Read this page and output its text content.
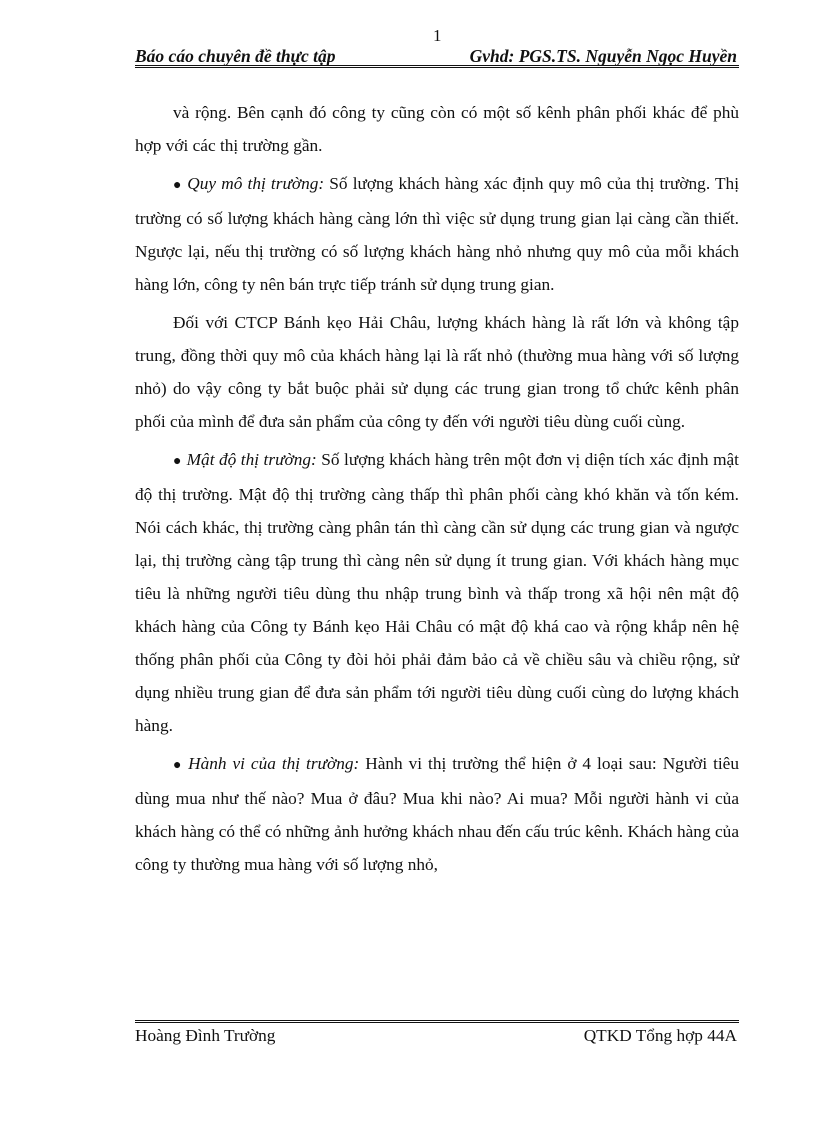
1
Báo cáo chuyên đề thực tập	Gvhd: PGS.TS. Nguyễn Ngọc Huyền

và rộng. Bên cạnh đó công ty cũng còn có một số kênh phân phối khác để phù hợp với các thị trường gần.

● Quy mô thị trường: Số lượng khách hàng xác định quy mô của thị trường. Thị trường có số lượng khách hàng càng lớn thì việc sử dụng trung gian lại càng cần thiết. Ngược lại, nếu thị trường có số lượng khách hàng nhỏ nhưng quy mô của mỗi khách hàng lớn, công ty nên bán trực tiếp tránh sử dụng trung gian.

Đối với CTCP Bánh kẹo Hải Châu, lượng khách hàng là rất lớn và không tập trung, đồng thời quy mô của khách hàng lại là rất nhỏ (thường mua hàng với số lượng nhỏ) do vậy công ty bắt buộc phải sử dụng các trung gian trong tổ chức kênh phân phối của mình để đưa sản phẩm của công ty đến với người tiêu dùng cuối cùng.

● Mật độ thị trường: Số lượng khách hàng trên một đơn vị diện tích xác định mật độ thị trường. Mật độ thị trường càng thấp thì phân phối càng khó khăn và tốn kém. Nói cách khác, thị trường càng phân tán thì càng cần sử dụng các trung gian và ngược lại, thị trường càng tập trung thì càng nên sử dụng ít trung gian. Với khách hàng mục tiêu là những người tiêu dùng thu nhập trung bình và thấp trong xã hội nên mật độ khách hàng của Công ty Bánh kẹo Hải Châu có mật độ khá cao và rộng khắp nên hệ thống phân phối của Công ty đòi hỏi phải đảm bảo cả về chiều sâu và chiều rộng, sử dụng nhiều trung gian để đưa sản phẩm tới người tiêu dùng cuối cùng do lượng khách hàng.

● Hành vi của thị trường: Hành vi thị trường thể hiện ở 4 loại sau: Người tiêu dùng mua như thế nào? Mua ở đâu? Mua khi nào? Ai mua? Mỗi người hành vi của khách hàng có thể có những ảnh hưởng khách nhau đến cấu trúc kênh. Khách hàng của công ty thường mua hàng với số lượng nhỏ,

Hoàng Đình Trường	QTKD Tổng hợp 44A
